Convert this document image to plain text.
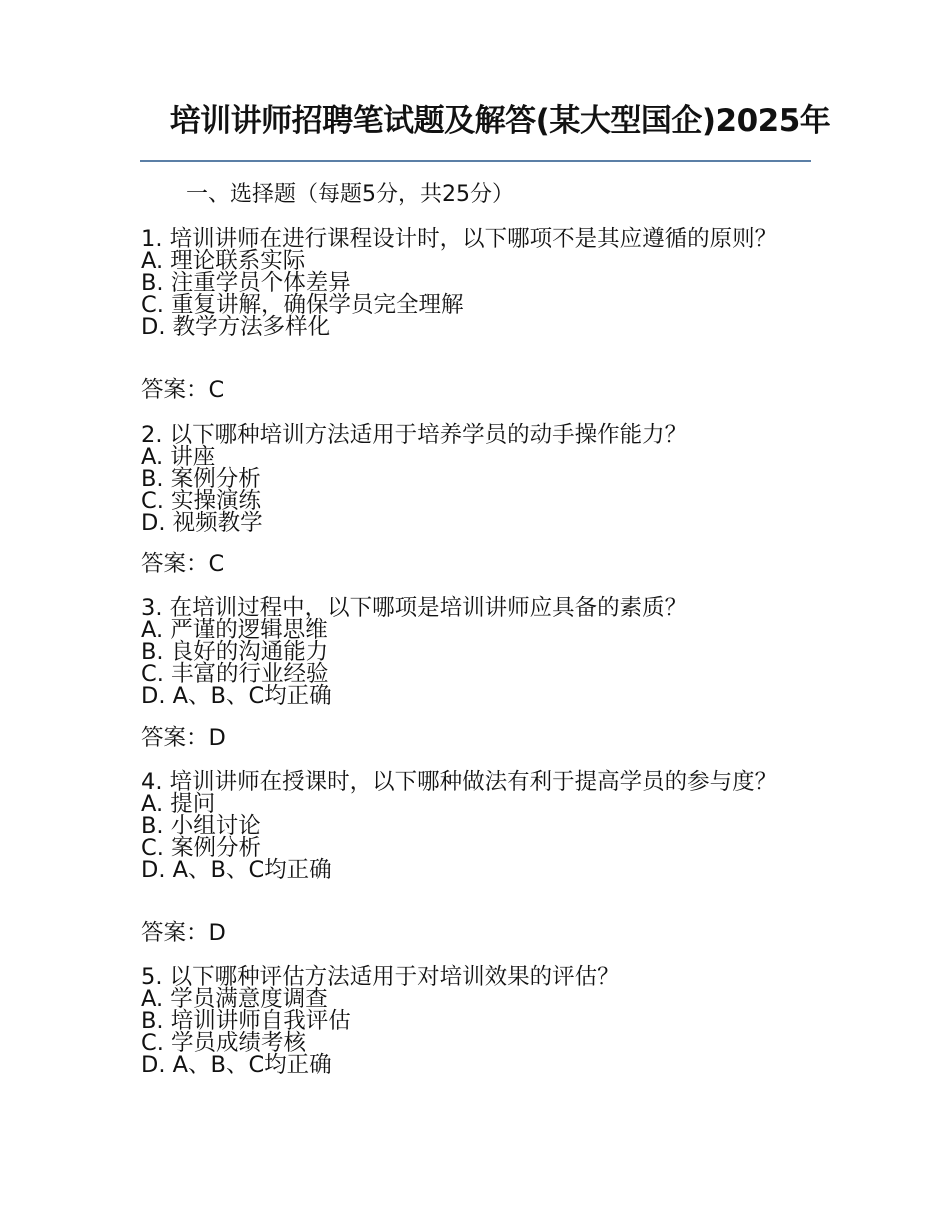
培训讲师招聘笔试题及解答(某大型国企)2025年
一、选择题（每题5分，共25分）
1. 培训讲师在进行课程设计时，以下哪项不是其应遵循的原则？
A. 理论联系实际
B. 注重学员个体差异
C. 重复讲解，确保学员完全理解
D. 教学方法多样化
答案：C
2. 以下哪种培训方法适用于培养学员的动手操作能力？
A. 讲座
B. 案例分析
C. 实操演练
D. 视频教学
答案：C
3. 在培训过程中，以下哪项是培训讲师应具备的素质？
A. 严谨的逻辑思维
B. 良好的沟通能力
C. 丰富的行业经验
D. A、B、C均正确
答案：D
4. 培训讲师在授课时，以下哪种做法有利于提高学员的参与度？
A. 提问
B. 小组讨论
C. 案例分析
D. A、B、C均正确
答案：D
5. 以下哪种评估方法适用于对培训效果的评估？
A. 学员满意度调查
B. 培训讲师自我评估
C. 学员成绩考核
D. A、B、C均正确
